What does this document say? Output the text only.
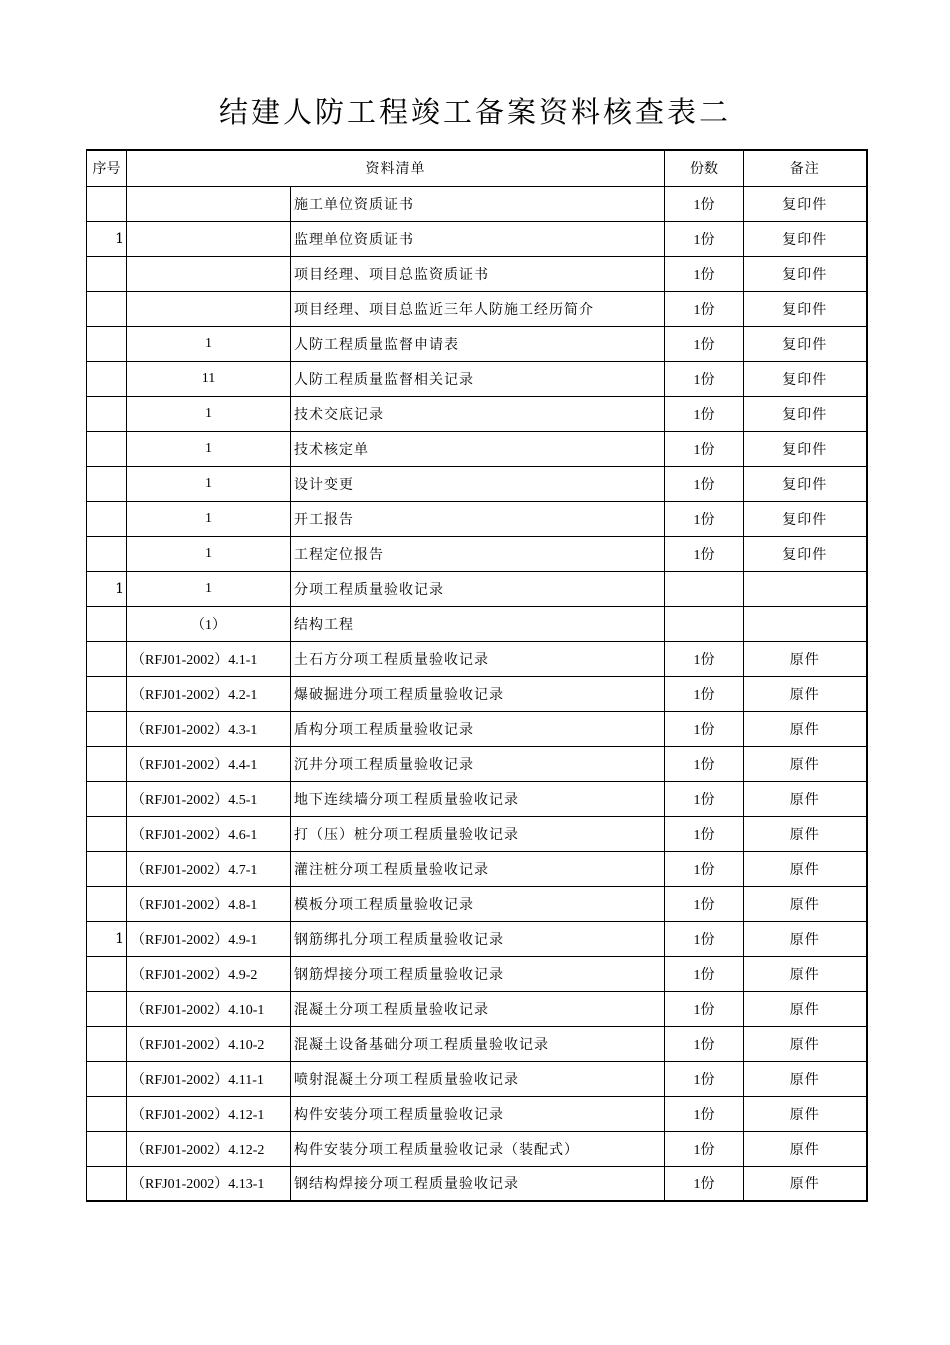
结建人防工程竣工备案资料核查表二
序号	资料清单		份数	备注
		施工单位资质证书	1份	复印件
1		监理单位资质证书	1份	复印件
		项目经理、项目总监资质证书	1份	复印件
		项目经理、项目总监近三年人防施工经历简介	1份	复印件
	1	人防工程质量监督申请表	1份	复印件
	11	人防工程质量监督相关记录	1份	复印件
	1	技术交底记录	1份	复印件
	1	技术核定单	1份	复印件
	1	设计变更	1份	复印件
	1	开工报告	1份	复印件
	1	工程定位报告	1份	复印件
1	1	分项工程质量验收记录		
	（1）	结构工程		
	（RFJ01-2002）4.1-1	土石方分项工程质量验收记录	1份	原件
	（RFJ01-2002）4.2-1	爆破掘进分项工程质量验收记录	1份	原件
	（RFJ01-2002）4.3-1	盾构分项工程质量验收记录	1份	原件
	（RFJ01-2002）4.4-1	沉井分项工程质量验收记录	1份	原件
	（RFJ01-2002）4.5-1	地下连续墙分项工程质量验收记录	1份	原件
	（RFJ01-2002）4.6-1	打（压）桩分项工程质量验收记录	1份	原件
	（RFJ01-2002）4.7-1	灌注桩分项工程质量验收记录	1份	原件
	（RFJ01-2002）4.8-1	模板分项工程质量验收记录	1份	原件
1	（RFJ01-2002）4.9-1	钢筋绑扎分项工程质量验收记录	1份	原件
	（RFJ01-2002）4.9-2	钢筋焊接分项工程质量验收记录	1份	原件
	（RFJ01-2002）4.10-1	混凝土分项工程质量验收记录	1份	原件
	（RFJ01-2002）4.10-2	混凝土设备基础分项工程质量验收记录	1份	原件
	（RFJ01-2002）4.11-1	喷射混凝土分项工程质量验收记录	1份	原件
	（RFJ01-2002）4.12-1	构件安装分项工程质量验收记录	1份	原件
	（RFJ01-2002）4.12-2	构件安装分项工程质量验收记录（装配式）	1份	原件
	（RFJ01-2002）4.13-1	钢结构焊接分项工程质量验收记录	1份	原件
